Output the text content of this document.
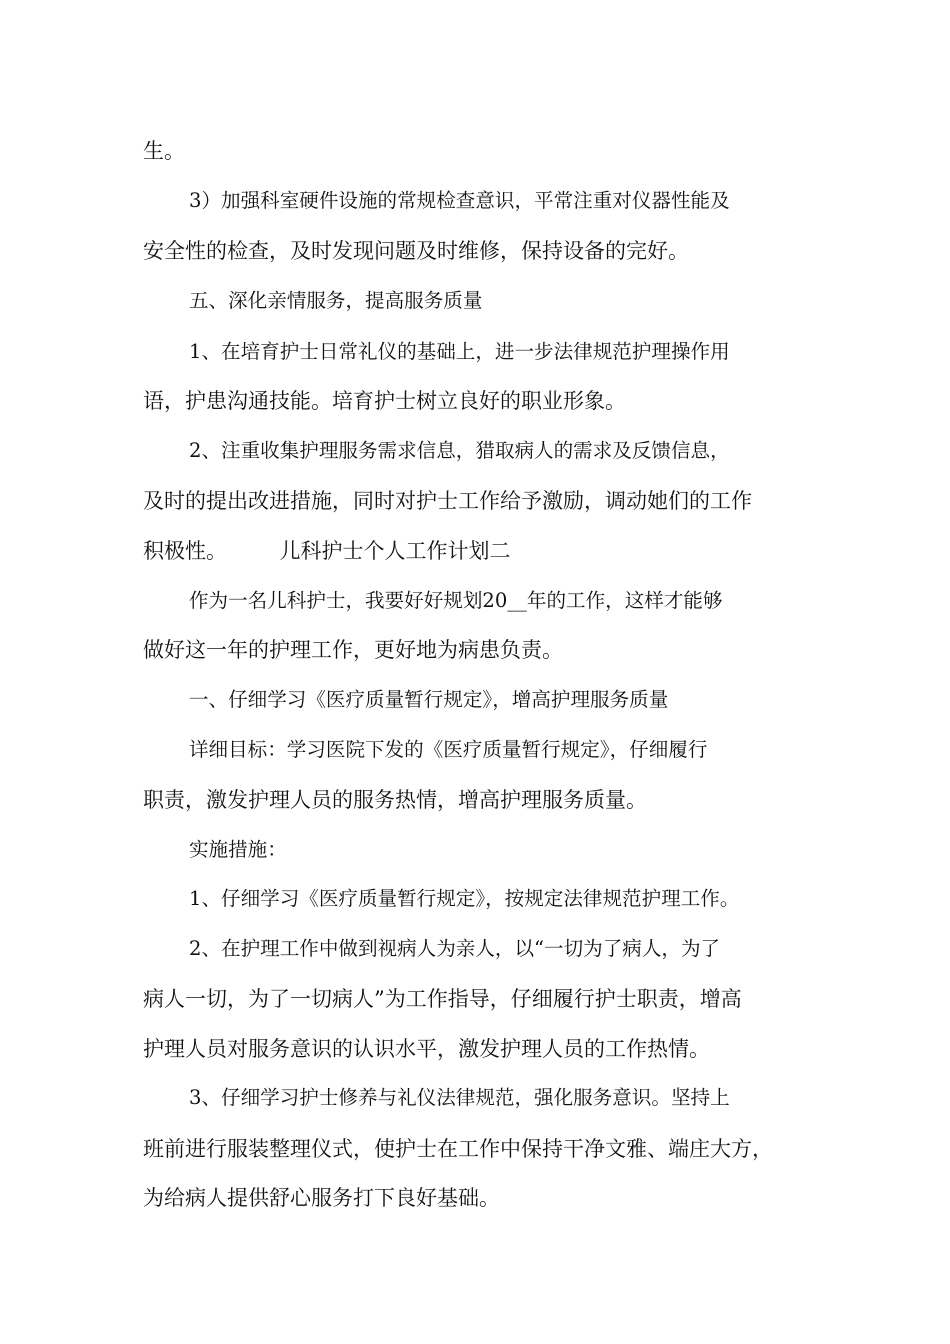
生。
3）加强科室硬件设施的常规检查意识，平常注重对仪器性能及
安全性的检查，及时发现问题及时维修，保持设备的完好。
五、深化亲情服务，提高服务质量
1、在培育护士日常礼仪的基础上，进一步法律规范护理操作用
语，护患沟通技能。培育护士树立良好的职业形象。
2、注重收集护理服务需求信息，猎取病人的需求及反馈信息，
及时的提出改进措施，同时对护士工作给予激励，调动她们的工作
积极性。　　　儿科护士个人工作计划二
作为一名儿科护士，我要好好规划20__年的工作，这样才能够
做好这一年的护理工作，更好地为病患负责。
一、仔细学习《医疗质量暂行规定》，增高护理服务质量
详细目标：学习医院下发的《医疗质量暂行规定》，仔细履行
职责，激发护理人员的服务热情，增高护理服务质量。
实施措施：
1、仔细学习《医疗质量暂行规定》，按规定法律规范护理工作。
2、在护理工作中做到视病人为亲人，以“一切为了病人，为了
病人一切，为了一切病人”为工作指导，仔细履行护士职责，增高
护理人员对服务意识的认识水平，激发护理人员的工作热情。
3、仔细学习护士修养与礼仪法律规范，强化服务意识。坚持上
班前进行服装整理仪式，使护士在工作中保持干净文雅、端庄大方，
为给病人提供舒心服务打下良好基础。
